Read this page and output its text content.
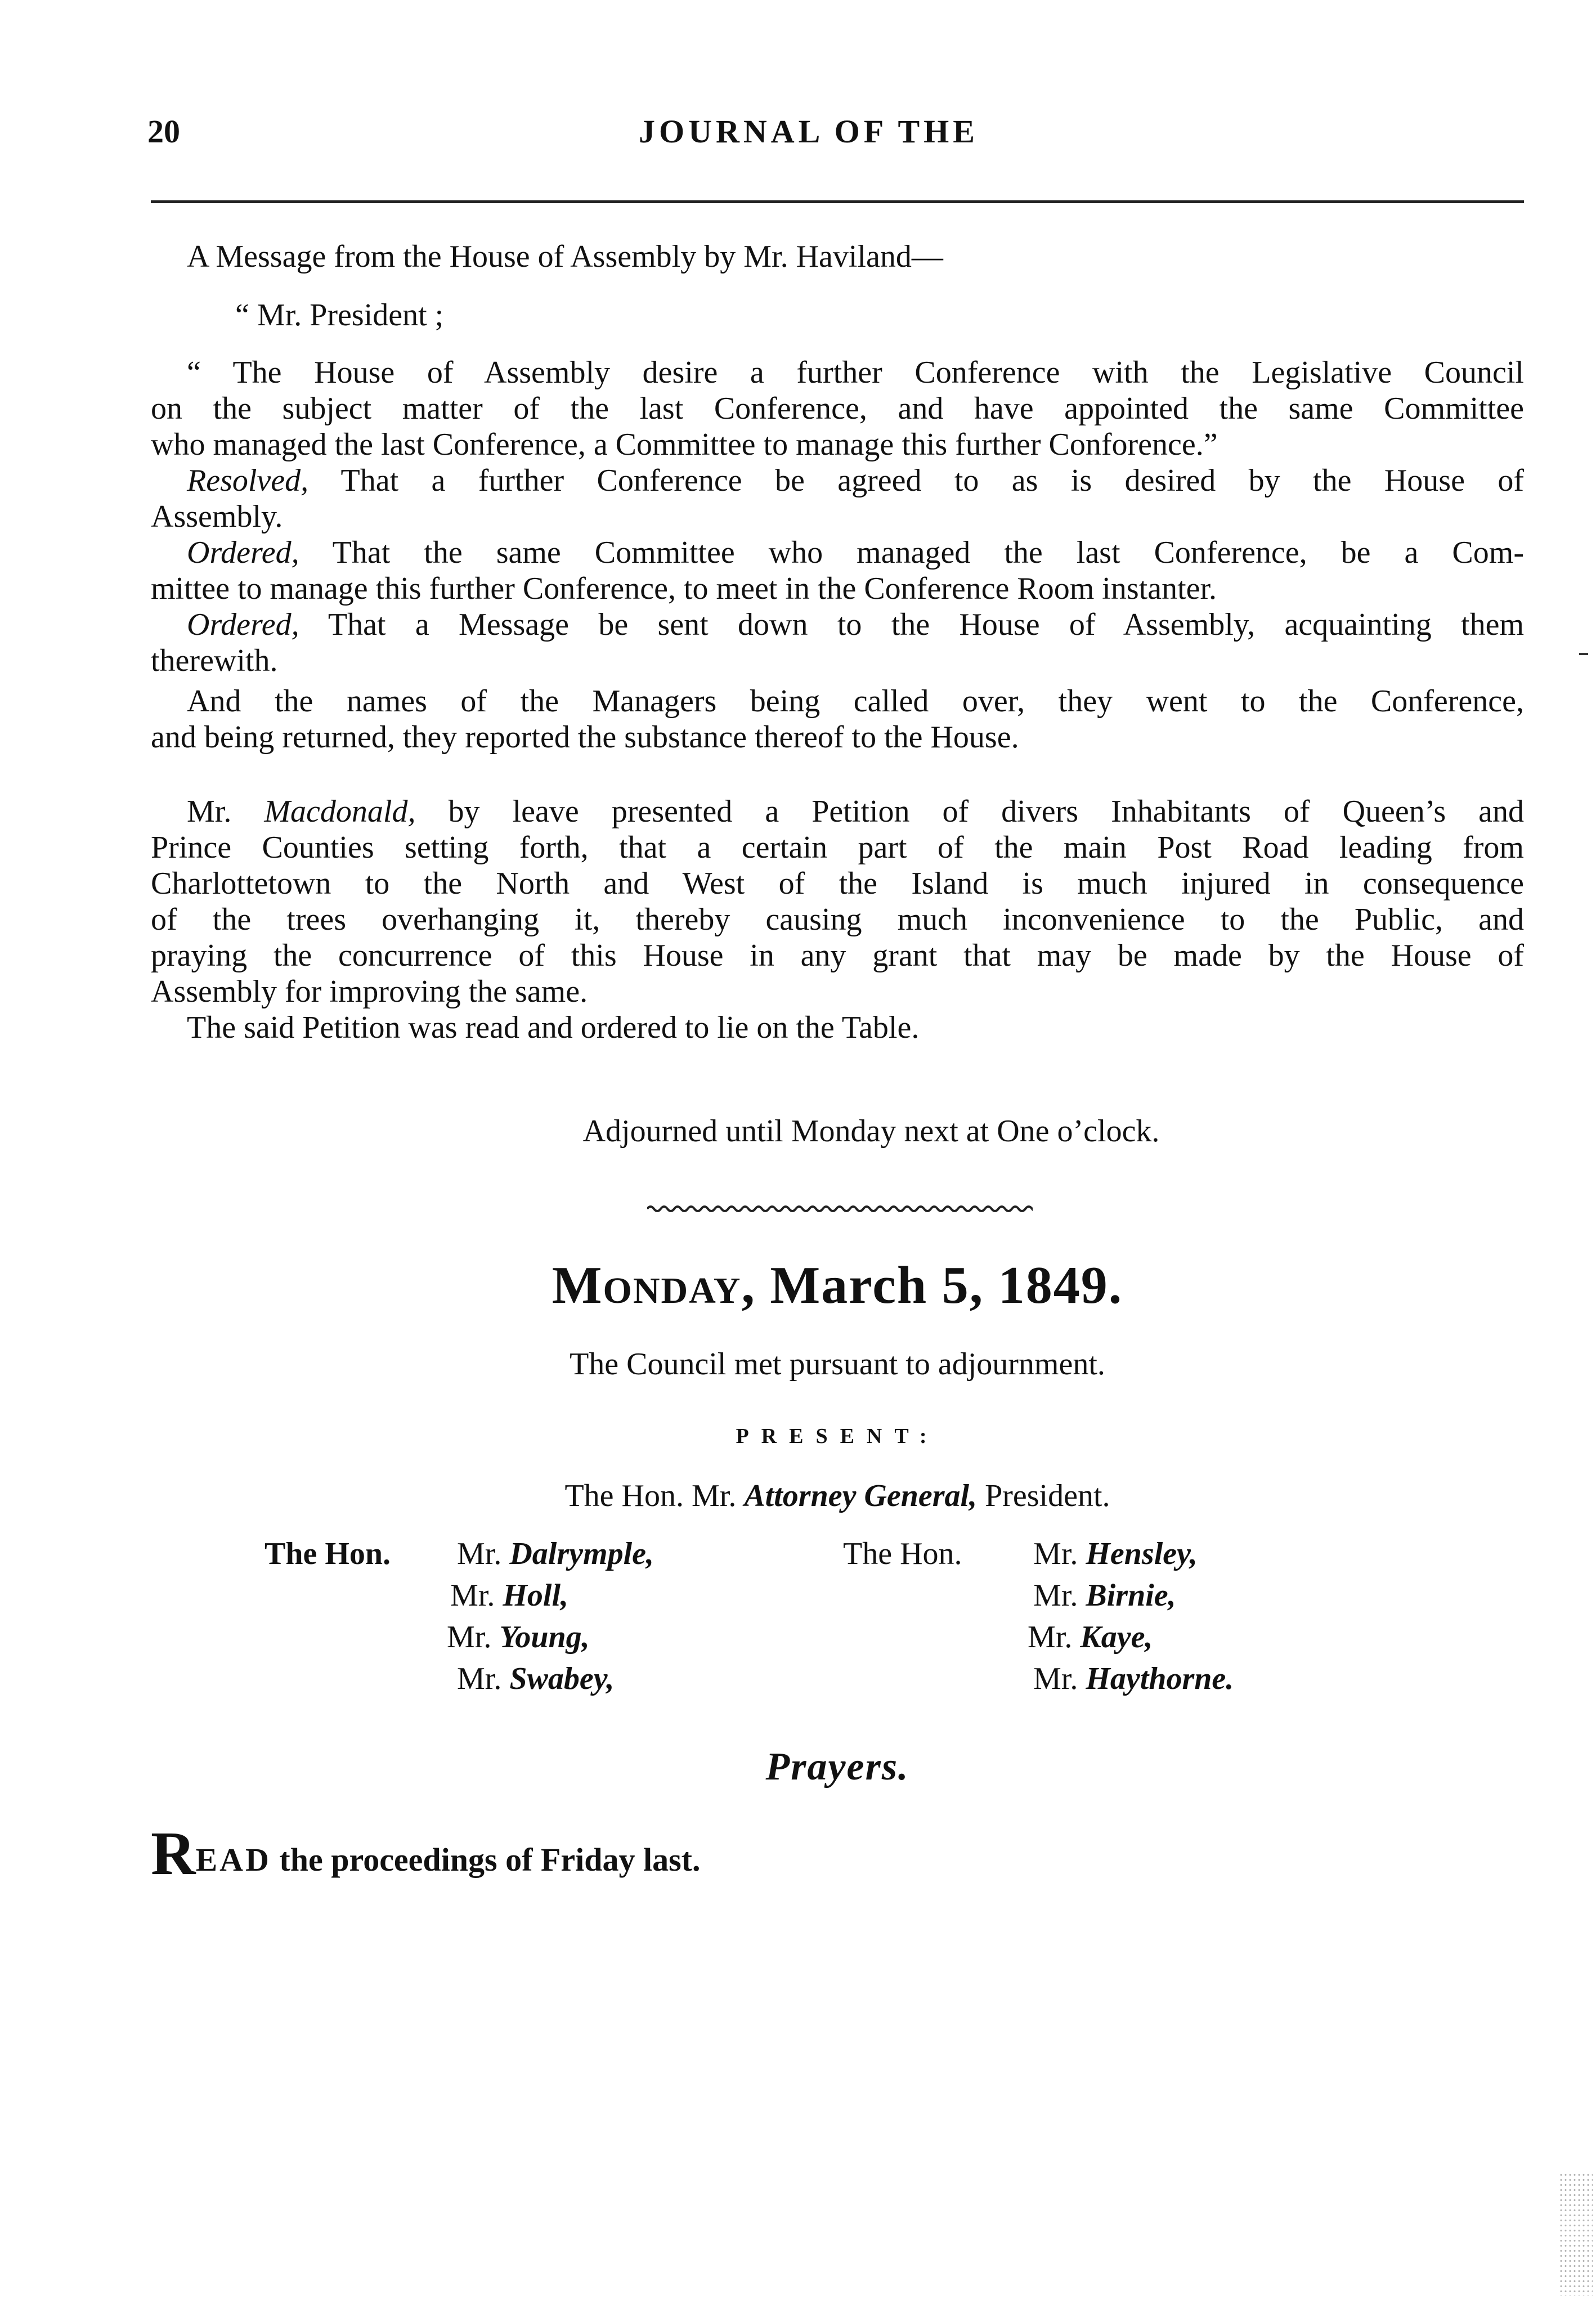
20	JOURNAL OF THE
A Message from the House of Assembly by Mr. Haviland—
“ Mr. President ;
“ The House of Assembly desire a further Conference with the Legislative Council
on the subject matter of the last Conference, and have appointed the same Committee
who managed the last Conference, a Committee to manage this further Conforence.”
Resolved, That a further Conference be agreed to as is desired by the House of
Assembly.
Ordered, That the same Committee who managed the last Conference, be a Com-
mittee to manage this further Conference, to meet in the Conference Room instanter.
Ordered, That a Message be sent down to the House of Assembly, acquainting them
therewith.
And the names of the Managers being called over, they went to the Conference,
and being returned, they reported the substance thereof to the House.
Mr. Macdonald, by leave presented a Petition of divers Inhabitants of Queen’s and
Prince Counties setting forth, that a certain part of the main Post Road leading from
Charlottetown to the North and West of the Island is much injured in consequence
of the trees overhanging it, thereby causing much inconvenience to the Public, and
praying the concurrence of this House in any grant that may be made by the House of
Assembly for improving the same.
The said Petition was read and ordered to lie on the Table.
Adjourned until Monday next at One o’clock.
Monday, March 5, 1849.
The Council met pursuant to adjournment.
PRESENT:
The Hon. Mr. Attorney General, President.
The Hon. Mr. Dalrymple,
Mr. Holl,
Mr. Young,
Mr. Swabey,
The Hon. Mr. Hensley,
Mr. Birnie,
Mr. Kaye,
Mr. Haythorne.
Prayers.
READ the proceedings of Friday last.
